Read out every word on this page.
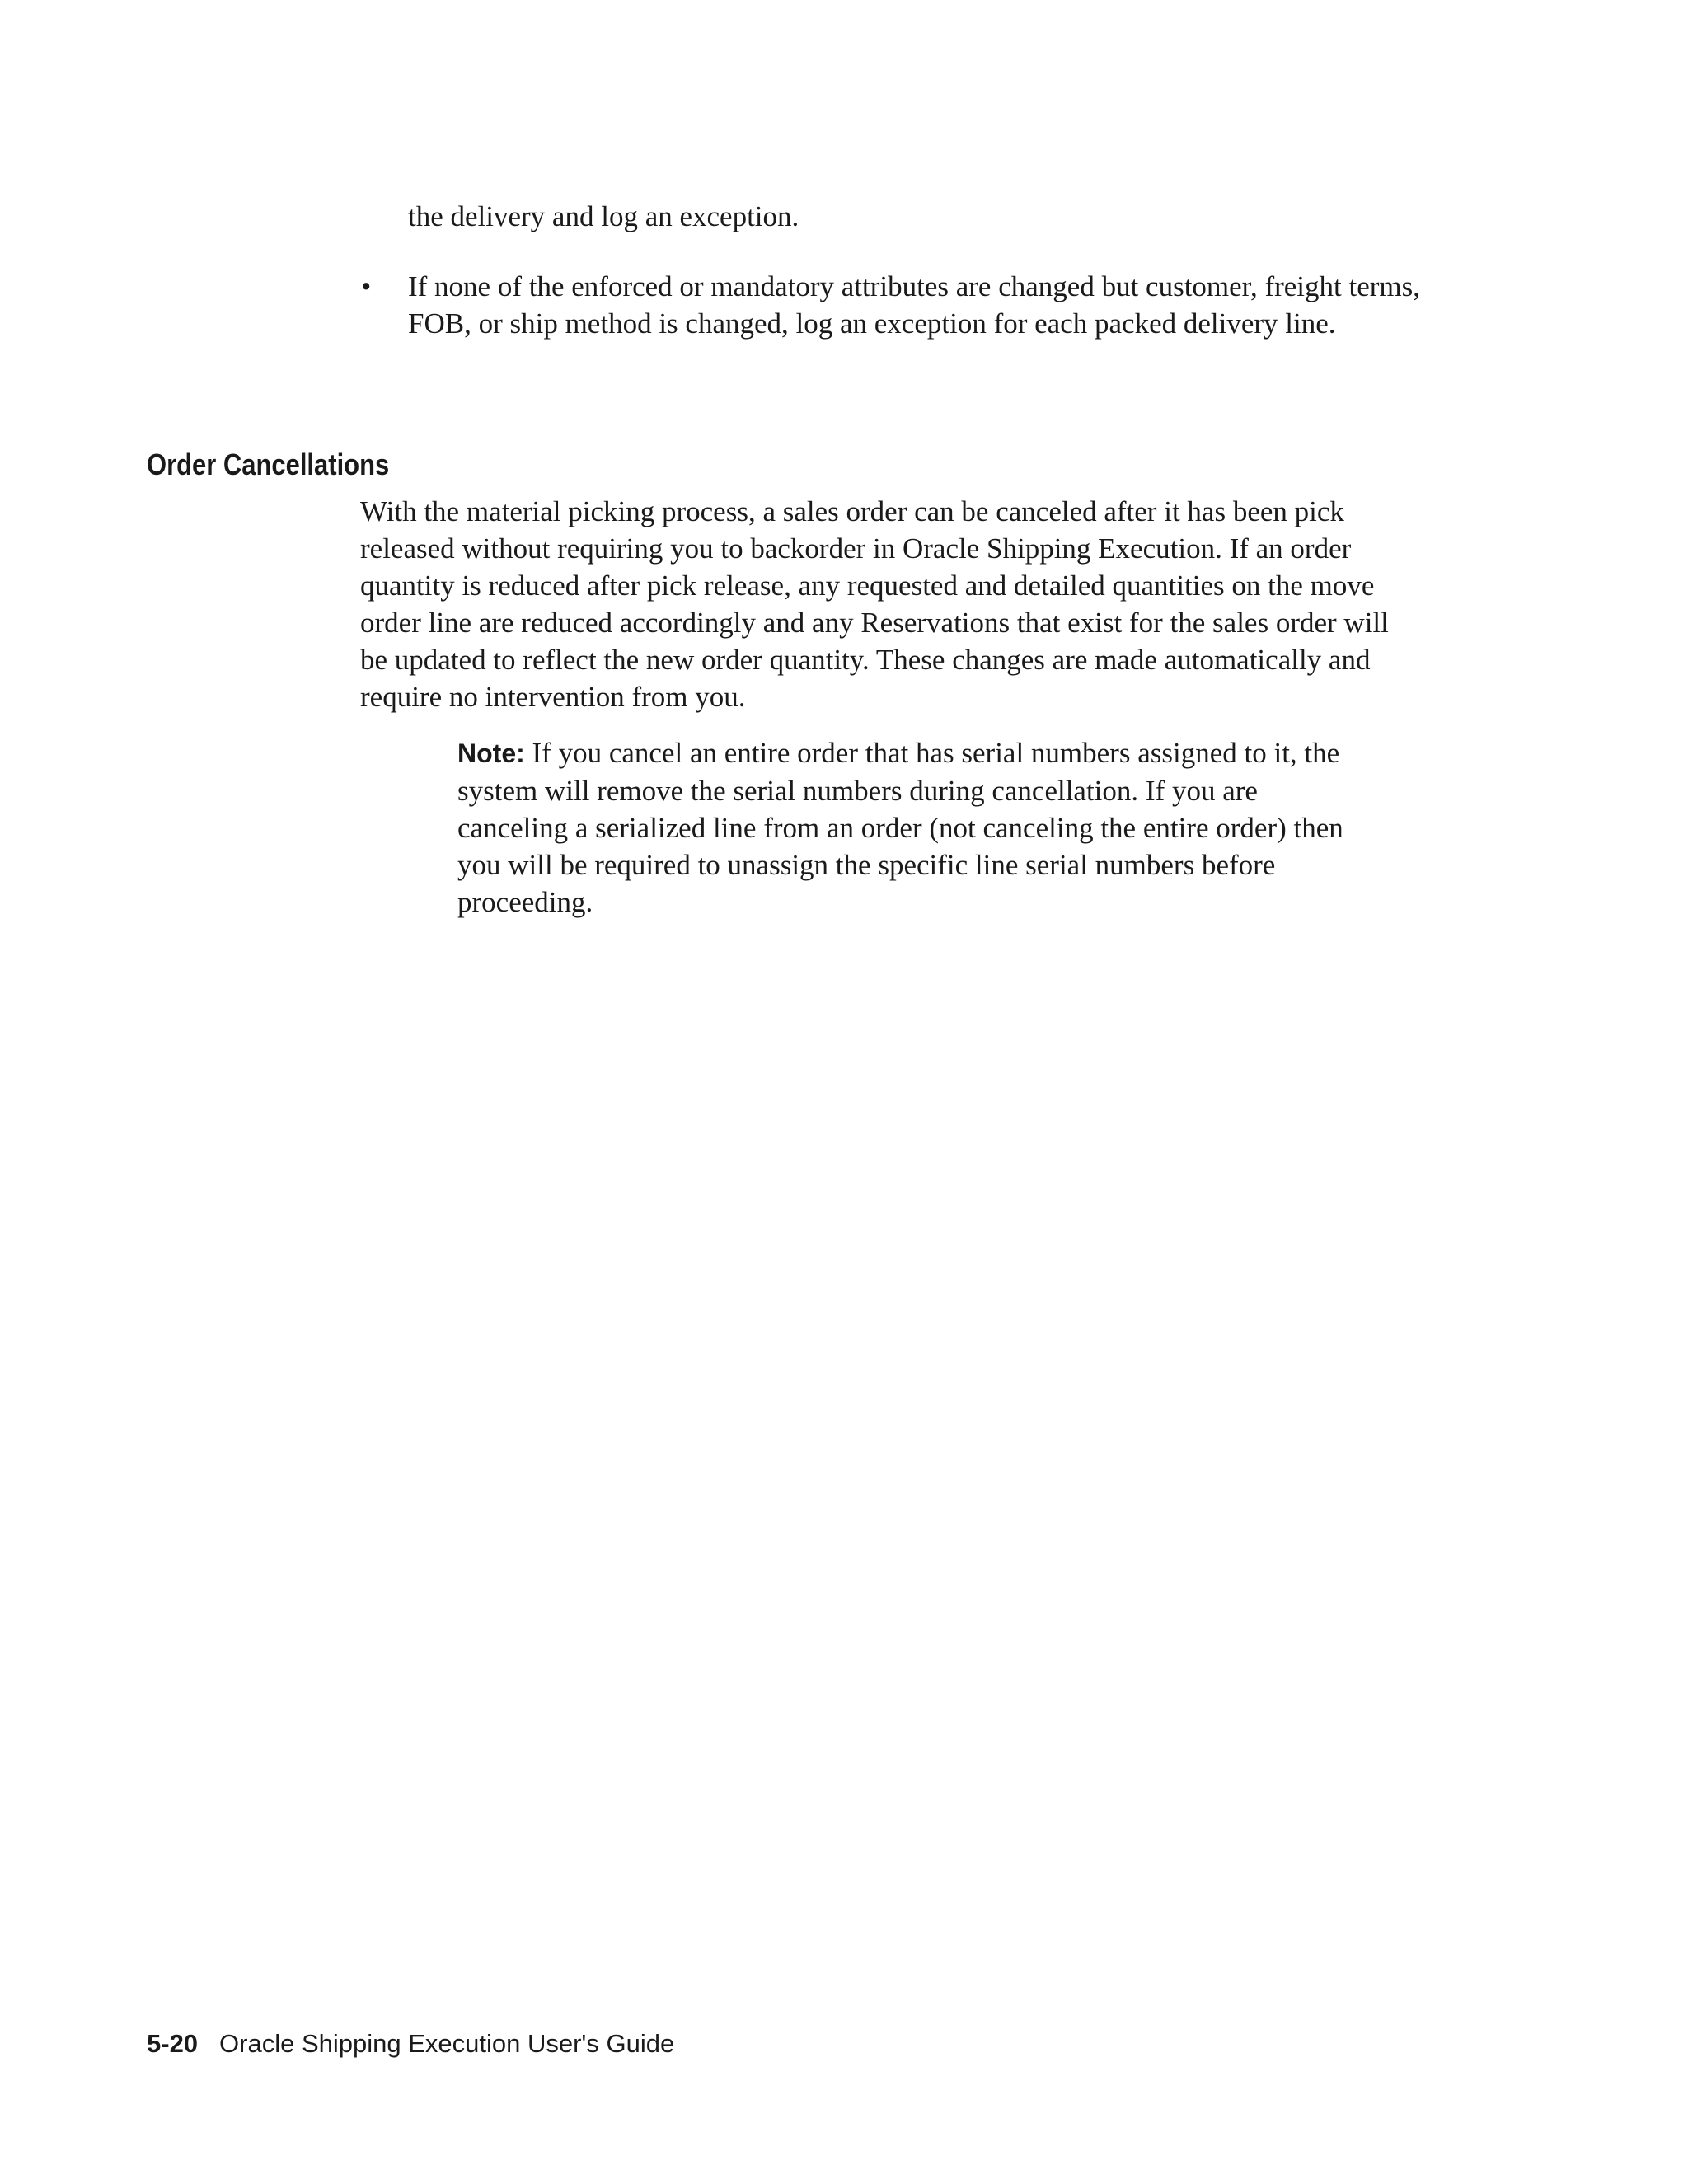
the delivery and log an exception.

•	If none of the enforced or mandatory attributes are changed but customer, freight terms, FOB, or ship method is changed, log an exception for each packed delivery line.
Order Cancellations

With the material picking process, a sales order can be canceled after it has been pick released without requiring you to backorder in Oracle Shipping Execution. If an order quantity is reduced after pick release, any requested and detailed quantities on the move order line are reduced accordingly and any Reservations that exist for the sales order will be updated to reflect the new order quantity. These changes are made automatically and require no intervention from you.

Note: If you cancel an entire order that has serial numbers assigned to it, the system will remove the serial numbers during cancellation. If you are canceling a serialized line from an order (not canceling the entire order) then you will be required to unassign the specific line serial numbers before proceeding.

5-20 Oracle Shipping Execution User's Guide
